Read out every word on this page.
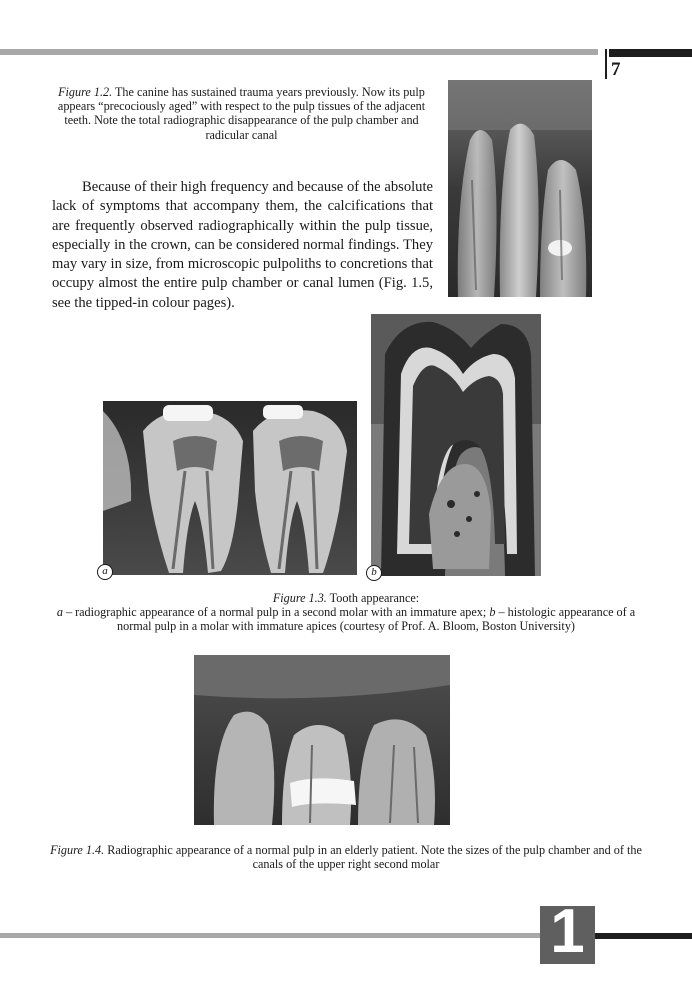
7
Figure 1.2. The canine has sustained trauma years previously. Now its pulp appears “precociously aged” with respect to the pulp tissues of the adjacent teeth. Note the total radiographic disappearance of the pulp chamber and radicular canal
Because of their high frequency and because of the absolute lack of symptoms that accompany them, the calcifications that are frequently observed radiographically within the pulp tissue, especially in the crown, can be considered normal findings. They may vary in size, from microscopic pulpoliths to concretions that occupy almost the entire pulp chamber or canal lumen (Fig. 1.5, see the tipped-in colour pages).
a	b
Figure 1.3. Tooth appearance:
a – radiographic appearance of a normal pulp in a second molar with an immature apex; b – histologic appearance of a normal pulp in a molar with immature apices (courtesy of Prof. A. Bloom, Boston University)
Figure 1.4. Radiographic appearance of a normal pulp in an elderly patient. Note the sizes of the pulp chamber and of the canals of the upper right second molar
1
